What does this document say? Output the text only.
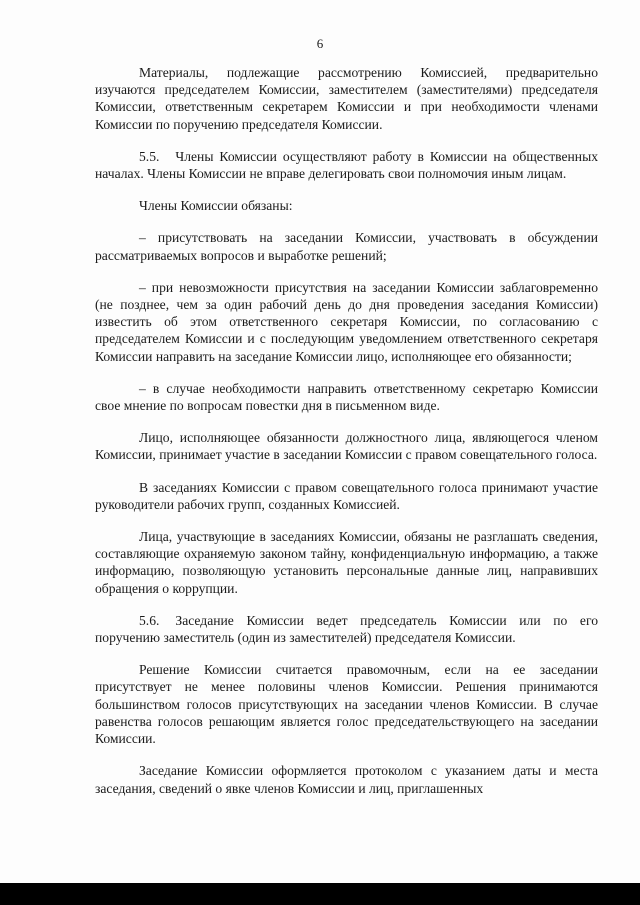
6

Материалы, подлежащие рассмотрению Комиссией, предварительно изучаются председателем Комиссии, заместителем (заместителями) председателя Комиссии, ответственным секретарем Комиссии и при необходимости членами Комиссии по поручению председателя Комиссии.

5.5. Члены Комиссии осуществляют работу в Комиссии на общественных началах. Члены Комиссии не вправе делегировать свои полномочия иным лицам.

Члены Комиссии обязаны:

– присутствовать на заседании Комиссии, участвовать в обсуждении рассматриваемых вопросов и выработке решений;

– при невозможности присутствия на заседании Комиссии заблаговременно (не позднее, чем за один рабочий день до дня проведения заседания Комиссии) известить об этом ответственного секретаря Комиссии, по согласованию с председателем Комиссии и с последующим уведомлением ответственного секретаря Комиссии направить на заседание Комиссии лицо, исполняющее его обязанности;

– в случае необходимости направить ответственному секретарю Комиссии свое мнение по вопросам повестки дня в письменном виде.

Лицо, исполняющее обязанности должностного лица, являющегося членом Комиссии, принимает участие в заседании Комиссии с правом совещательного голоса.

В заседаниях Комиссии с правом совещательного голоса принимают участие руководители рабочих групп, созданных Комиссией.

Лица, участвующие в заседаниях Комиссии, обязаны не разглашать сведения, составляющие охраняемую законом тайну, конфиденциальную информацию, а также информацию, позволяющую установить персональные данные лиц, направивших обращения о коррупции.

5.6. Заседание Комиссии ведет председатель Комиссии или по его поручению заместитель (один из заместителей) председателя Комиссии.

Решение Комиссии считается правомочным, если на ее заседании присутствует не менее половины членов Комиссии. Решения принимаются большинством голосов присутствующих на заседании членов Комиссии. В случае равенства голосов решающим является голос председательствующего на заседании Комиссии.

Заседание Комиссии оформляется протоколом с указанием даты и места заседания, сведений о явке членов Комиссии и лиц, приглашенных
